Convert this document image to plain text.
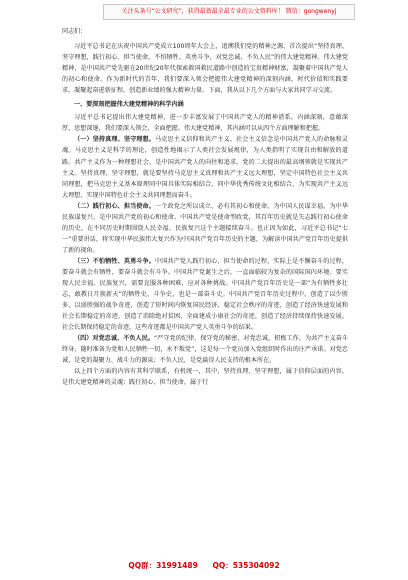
关注头条号“公文研究”，获得最新最全最专业的公文资料库！ 微信：gongwenyj

同志们：

习近平总书记在庆祝中国共产党成立100周年大会上，追溯我们党的精神之源，首次提出“坚持真理、坚守理想，践行初心、担当使命，不怕牺牲、英勇斗争，对党忠诚、不负人民”的伟大建党精神。伟大建党精神，是中国共产党先驱在20世纪20年代探索救国救民道路中创造的宝贵精神财富，凝聚着中国共产党人的初心和使命。作为新时代的青年，我们要深入领会把握伟大建党精神的深刻内涵，时代价值和实践要求，凝聚起奋进新征程，创造新业绩的强大精神力量。下面，我从以下几个方面与大家共同学习交流。

一、要深刻把握伟大建党精神的科学内涵

习近平总书记提出伟大建党精神，进一步丰富发展了中国共产党人的精神谱系，内涵深刻，意蕴深厚，思想深邃，我们要深入领会，全面把握。伟大建党精神，其内涵可以从四个方面理解和把握。

（一）坚持真理、坚守理想。马克思主义信仰和共产主义、社会主义信念是中国共产党人的命脉和灵魂。马克思主义是科学的理论，创造性地揭示了人类社会发展规律，为人类指明了实现自由和解放的道路。共产主义作为一种理想社会，是中国共产党人的向往和追求，党的二大提出的最高纲领就是实现共产主义。坚持真理、坚守理想，就是要坚持马克思主义真理和共产主义远大理想，坚定中国特色社会主义共同理想，把马克思主义基本原理同中国具体实际相结合、同中华优秀传统文化相结合，为实现共产主义远大理想、实现中国特色社会主义共同理想而奋斗。

（二）践行初心、担当使命。一个政党之所以成立，必有其初心和使命。为中国人民谋幸福、为中华民族谋复兴，是中国共产党的初心和使命。中国共产党是使命型政党，其百年历史就是矢志践行初心使命的历史，在不同历史时期围绕人民幸福、民族复兴这个主题接续奋斗。也正因为如此，习近平总书记“七一”重要讲话，将实现中华民族伟大复兴作为中国共产党百年历史的主题，为解读中国共产党百年历史提供了新的视角。

（三）不怕牺牲、英勇斗争。中国共产党人践行初心、担当使命的过程，实际上是不懈奋斗的过程，要奋斗就会有牺牲，要奋斗就会有斗争。中国共产党诞生之后，一直面临较为复杂的国际国内环境。要实现人民幸福、民族复兴，需要克服各种困难，应对各种挑战。中国共产党百年历史是一部“为有牺牲多壮志，敢教日月换新天”的牺牲史、斗争史，也是一部奋斗史。中国共产党百年历史过程中，创造了以少胜多、以弱胜强的战争奇迹，创造了短时间内恢复国民经济、稳定社会秩序的奇迹，创造了经济快速发展和社会长期稳定的奇迹，创造了消除绝对贫困、全面建成小康社会的奇迹，创造了经济持续保持快速发展、社会长期保持稳定的奇迹，这些奇迹都是中国共产党人英勇斗争的结果。

（四）对党忠诚、不负人民。“严守党的纪律，保守党的秘密，对党忠诚，积极工作，为共产主义奋斗终身，随时准备为党和人民牺牲一切，永不叛党”，这是每一个党员加入党组织时作出的庄严承诺。对党忠诚，是党的凝聚力、战斗力的源泉；不负人民，是党赢得人民支持的根本所在。

以上四个方面的内容有其科学联系，有机统一，其中，坚持真理、坚守理想，属于信仰层面的内容，是伟大建党精神的灵魂；践行初心、担当使命，属于行

QQ群：31991489 QQ：535304092
